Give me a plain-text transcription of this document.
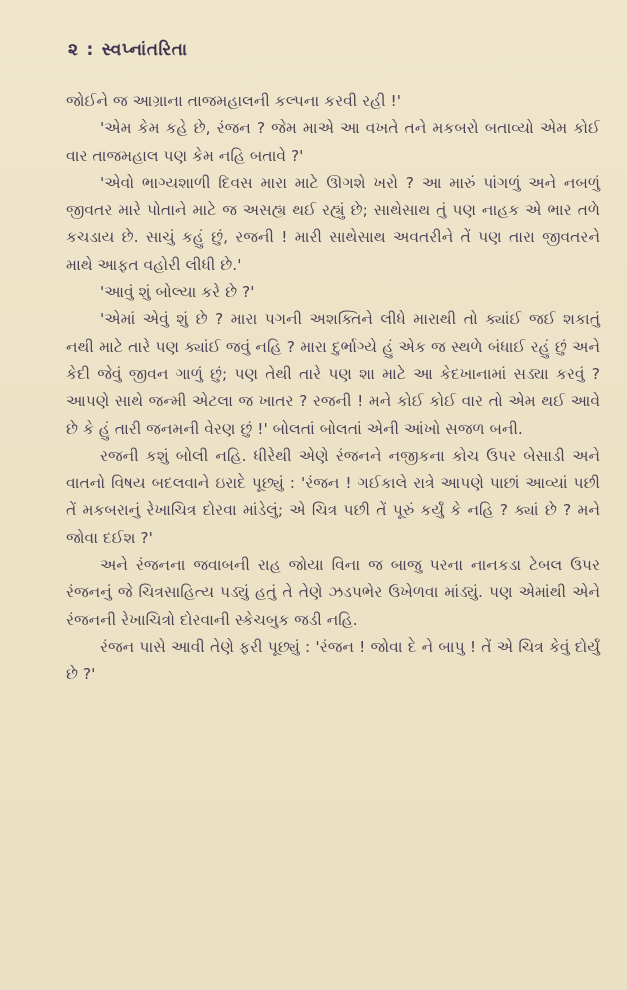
૨ : સ્વપ્નાંતરિતા

જોઈને જ આગ્રાના તાજમહાલની કલ્પના કરવી રહી !'

'એમ કેમ કહે છે, રંજન ? જેમ માએ આ વખતે તને મકબરો બતાવ્યો એમ કોઈ વાર તાજમહાલ પણ કેમ નહિ બતાવે ?'

'એવો ભાગ્યશાળી દિવસ મારા માટે ઊગશે ખરો ? આ મારું પાંગળું અને નબળું જીવતર મારે પોતાને માટે જ અસહ્ય થઈ રહ્યું છે; સાથેસાથ તું પણ નાહક એ ભાર તળે કચડાય છે. સાચું કહું છું, રજની ! મારી સાથેસાથ અવતરીને તેં પણ તારા જીવતરને માથે આફત વહોરી લીધી છે.'

'આવું શું બોલ્યા કરે છે ?'

'એમાં એવું શું છે ? મારા પગની અશક્તિને લીધે મારાથી તો ક્યાંઈ જઈ શકાતું નથી માટે તારે પણ ક્યાંઈ જવું નહિ ? મારા દુર્ભાગ્યે હું એક જ સ્થળે બંધાઈ રહું છું અને કેદી જેવું જીવન ગાળું છું; પણ તેથી તારે પણ શા માટે આ કેદખાનામાં સડ્યા કરવું ? આપણે સાથે જન્મી એટલા જ ખાતર ? રજની ! મને કોઈ કોઈ વાર તો એમ થઈ આવે છે કે હું તારી જનમની વેરણ છું !' બોલતાં બોલતાં એની આંખો સજળ બની.

રજની કશું બોલી નહિ. ધીરેથી એણે રંજનને નજીકના કોચ ઉપર બેસાડી અને વાતનો વિષય બદલવાને ઇરાદે પૂછ્યું : 'રંજન ! ગઈકાલે રાત્રે આપણે પાછાં આવ્યાં પછી તેં મકબરાનું રેખાચિત્ર દોરવા માંડેલું; એ ચિત્ર પછી તેં પૂરું કર્યું કે નહિ ? ક્યાં છે ? મને જોવા દઈશ ?'

અને રંજનના જવાબની રાહ જોયા વિના જ બાજુ પરના નાનકડા ટેબલ ઉપર રંજનનું જે ચિત્રસાહિત્ય પડ્યું હતું તે તેણે ઝડપભેર ઉખેળવા માંડ્યું. પણ એમાંથી એને રંજનની રેખાચિત્રો દોરવાની સ્કેચબુક જડી નહિ.

રંજન પાસે આવી તેણે ફરી પૂછ્યું : 'રંજન ! જોવા દે ને બાપુ ! તેં એ ચિત્ર કેવું દોર્યું છે ?'
